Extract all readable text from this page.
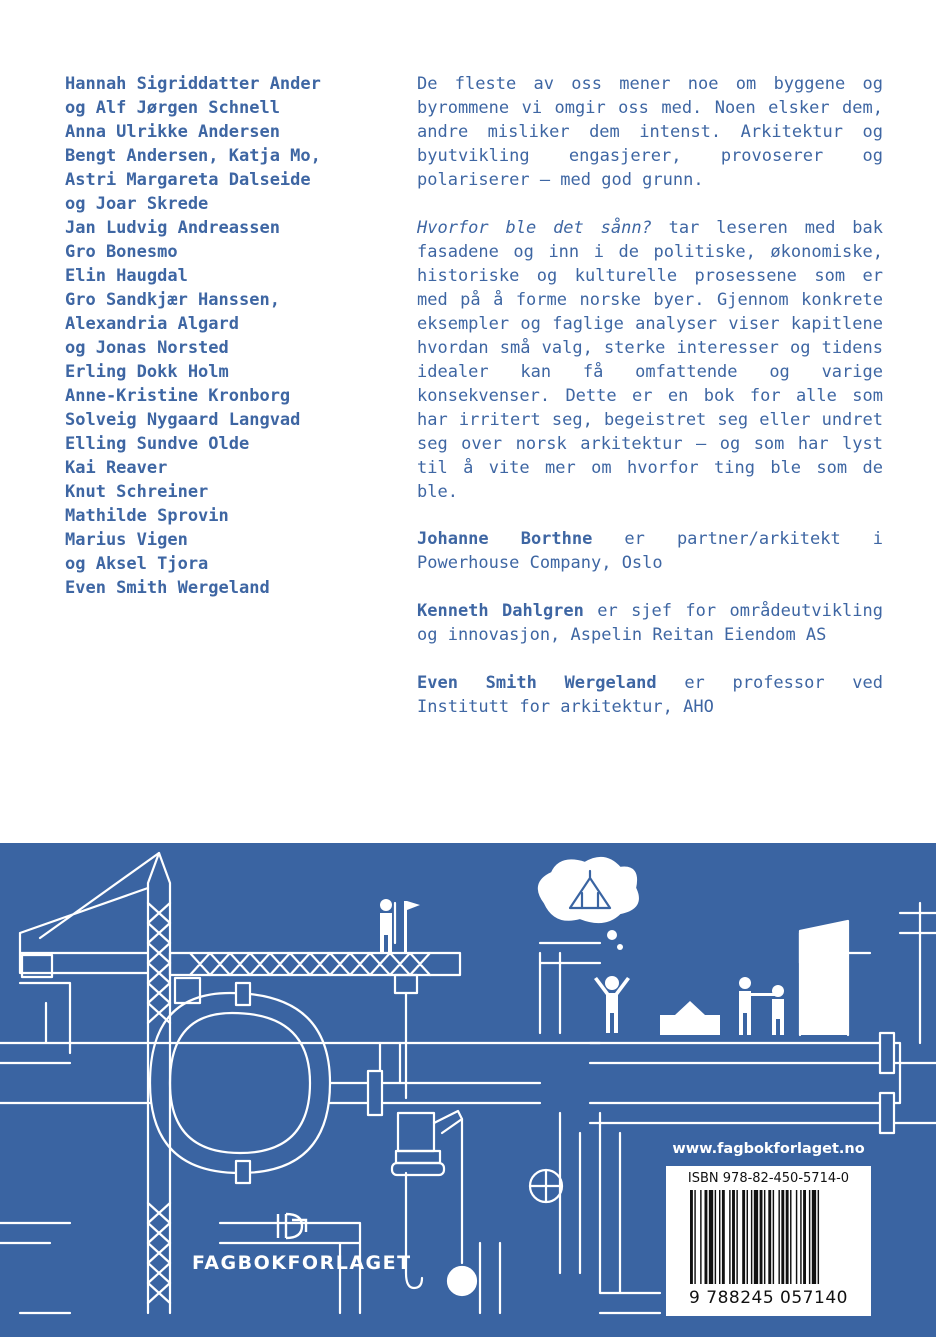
Hannah Sigriddatter Ander
og Alf Jørgen Schnell
Anna Ulrikke Andersen
Bengt Andersen, Katja Mo,
Astri Margareta Dalseide
og Joar Skrede
Jan Ludvig Andreassen
Gro Bonesmo
Elin Haugdal
Gro Sandkjær Hanssen,
Alexandria Algard
og Jonas Norsted
Erling Dokk Holm
Anne-Kristine Kronborg
Solveig Nygaard Langvad
Elling Sundve Olde
Kai Reaver
Knut Schreiner
Mathilde Sprovin
Marius Vigen
og Aksel Tjora
Even Smith Wergeland

De fleste av oss mener noe om byggene og byrommene vi omgir oss med. Noen elsker dem, andre misliker dem intenst. Arkitektur og byutvikling engasjerer, provoserer og polariserer – med god grunn.

Hvorfor ble det sånn? tar leseren med bak fasadene og inn i de politiske, økonomiske, historiske og kulturelle prosessene som er med på å forme norske byer. Gjennom konkrete eksempler og faglige analyser viser kapitlene hvordan små valg, sterke interesser og tidens idealer kan få omfattende og varige konsekvenser. Dette er en bok for alle som har irritert seg, begeistret seg eller undret seg over norsk arkitektur – og som har lyst til å vite mer om hvorfor ting ble som de ble.

Johanne Borthne er partner/arkitekt i Powerhouse Company, Oslo

Kenneth Dahlgren er sjef for områdeutvikling og innovasjon, Aspelin Reitan Eiendom AS

Even Smith Wergeland er professor ved Institutt for arkitektur, AHO

FAGBOKFORLAGET
www.fagbokforlaget.no
ISBN 978-82-450-5714-0
9 788245 057140
